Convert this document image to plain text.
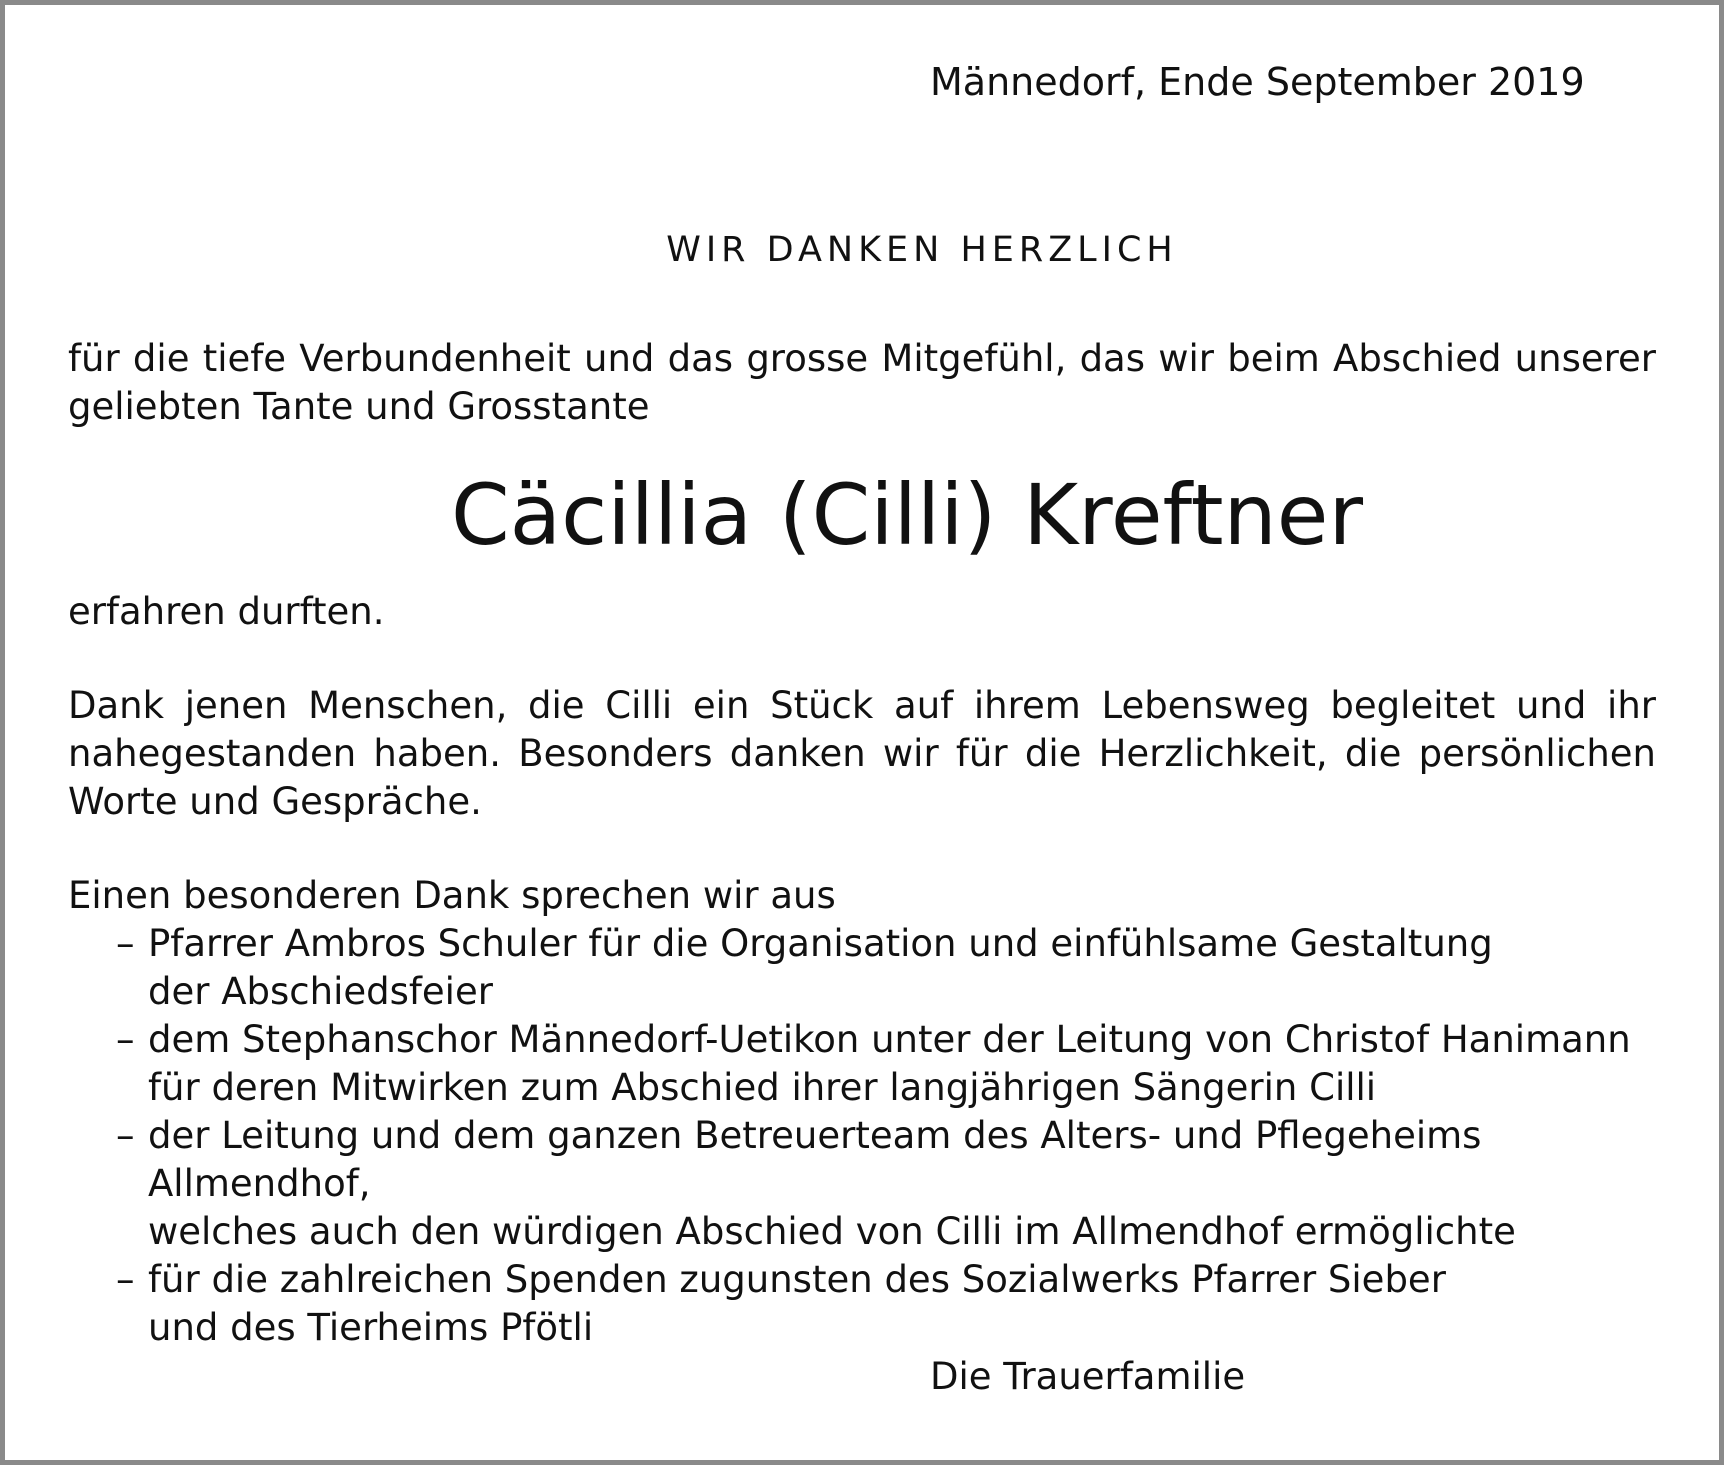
Männedorf, Ende September 2019
WIR DANKEN HERZLICH
für die tiefe Verbundenheit und das grosse Mitgefühl, das wir beim Abschied unserer geliebten Tante und Grosstante
Cäcillia (Cilli) Kreftner
erfahren durften.
Dank jenen Menschen, die Cilli ein Stück auf ihrem Lebensweg begleitet und ihr nahegestanden haben. Besonders danken wir für die Herzlichkeit, die persönlichen Worte und Gespräche.
Einen besonderen Dank sprechen wir aus
– Pfarrer Ambros Schuler für die Organisation und einfühlsame Gestaltung
der Abschiedsfeier
– dem Stephanschor Männedorf-Uetikon unter der Leitung von Christof Hanimann
für deren Mitwirken zum Abschied ihrer langjährigen Sängerin Cilli
– der Leitung und dem ganzen Betreuerteam des Alters- und Pflegeheims Allmendhof,
welches auch den würdigen Abschied von Cilli im Allmendhof ermöglichte
– für die zahlreichen Spenden zugunsten des Sozialwerks Pfarrer Sieber
und des Tierheims Pfötli
Die Trauerfamilie
